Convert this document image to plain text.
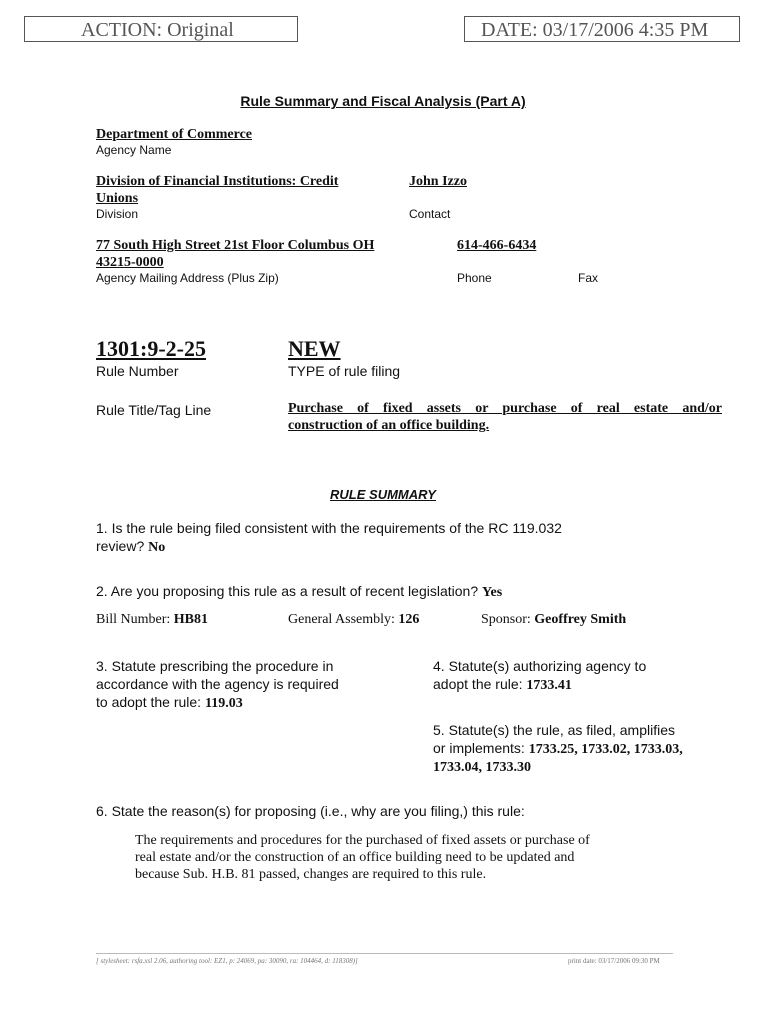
ACTION: Original	DATE: 03/17/2006 4:35 PM
Rule Summary and Fiscal Analysis (Part A)
Department of Commerce
Agency Name
Division of Financial Institutions: Credit
Unions
Division
John Izzo
Contact
77 South High Street 21st Floor Columbus OH
43215-0000
Agency Mailing Address (Plus Zip)
614-466-6434
Phone	Fax
1301:9-2-25
Rule Number
NEW
TYPE of rule filing
Rule Title/Tag Line	Purchase of fixed assets or purchase of real estate and/or
construction of an office building.
RULE SUMMARY
1. Is the rule being filed consistent with the requirements of the RC 119.032
review? No
2. Are you proposing this rule as a result of recent legislation? Yes
Bill Number: HB81	General Assembly: 126	Sponsor: Geoffrey Smith
3. Statute prescribing the procedure in
accordance with the agency is required
to adopt the rule: 119.03
4. Statute(s) authorizing agency to
adopt the rule: 1733.41
5. Statute(s) the rule, as filed, amplifies
or implements: 1733.25, 1733.02, 1733.03,
1733.04, 1733.30
6. State the reason(s) for proposing (i.e., why are you filing,) this rule:
The requirements and procedures for the purchased of fixed assets or purchase of
real estate and/or the construction of an office building need to be updated and
because Sub. H.B. 81 passed, changes are required to this rule.
[ stylesheet: rsfa.xsl 2.06, authoring tool: EZ1, p: 24069, pa: 30090, ra: 104464, d: 118308)]	print date: 03/17/2006 09:30 PM
